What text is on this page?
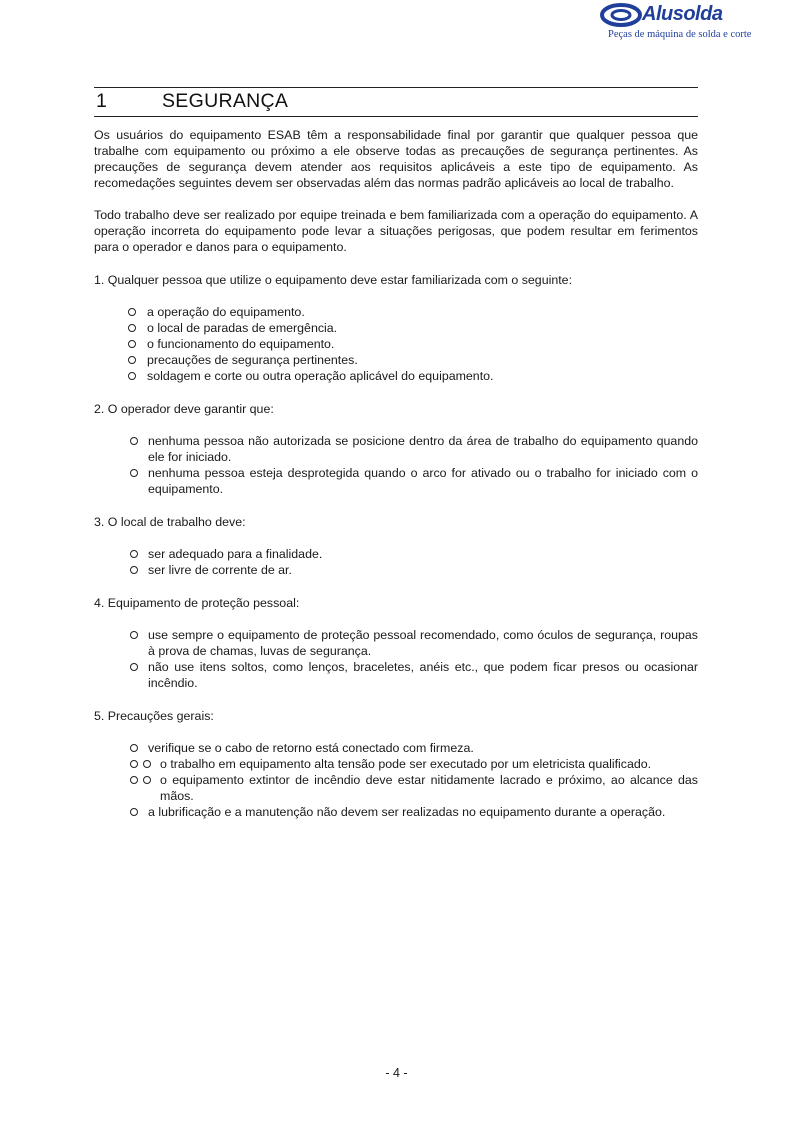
Alusolda
Peças de máquina de solda e corte
1	SEGURANÇA

Os usuários do equipamento ESAB têm a responsabilidade final por garantir que qualquer pessoa que trabalhe com equipamento ou próximo a ele observe todas as precauções de segurança pertinentes. As precauções de segurança devem atender aos requisitos aplicáveis a este tipo de equipamento. As recomedações seguintes devem ser observadas além das normas padrão aplicáveis ao local de trabalho.

Todo trabalho deve ser realizado por equipe treinada e bem familiarizada com a operação do equipamento. A operação incorreta do equipamento pode levar a situações perigosas, que podem resultar em ferimentos para o operador e danos para o equipamento.

1. Qualquer pessoa que utilize o equipamento deve estar familiarizada com o seguinte:

a operação do equipamento.
o local de paradas de emergência.
o funcionamento do equipamento.
precauções de segurança pertinentes.
soldagem e corte ou outra operação aplicável do equipamento.

2. O operador deve garantir que:

nenhuma pessoa não autorizada se posicione dentro da área de trabalho do equipamento quando ele for iniciado.
nenhuma pessoa esteja desprotegida quando o arco for ativado ou o trabalho for iniciado com o equipamento.

3. O local de trabalho deve:

ser adequado para a finalidade.
ser livre de corrente de ar.

4. Equipamento de proteção pessoal:

use sempre o equipamento de proteção pessoal recomendado, como óculos de segurança, roupas à prova de chamas, luvas de segurança.
não use itens soltos, como lenços, braceletes, anéis etc., que podem ficar presos ou ocasionar incêndio.

5. Precauções gerais:

verifique se o cabo de retorno está conectado com firmeza.
o trabalho em equipamento alta tensão pode ser executado por um eletricista qualificado.
o equipamento extintor de incêndio deve estar nitidamente lacrado e próximo, ao alcance das mãos.
a lubrificação e a manutenção não devem ser realizadas no equipamento durante a operação.
- 4 -
